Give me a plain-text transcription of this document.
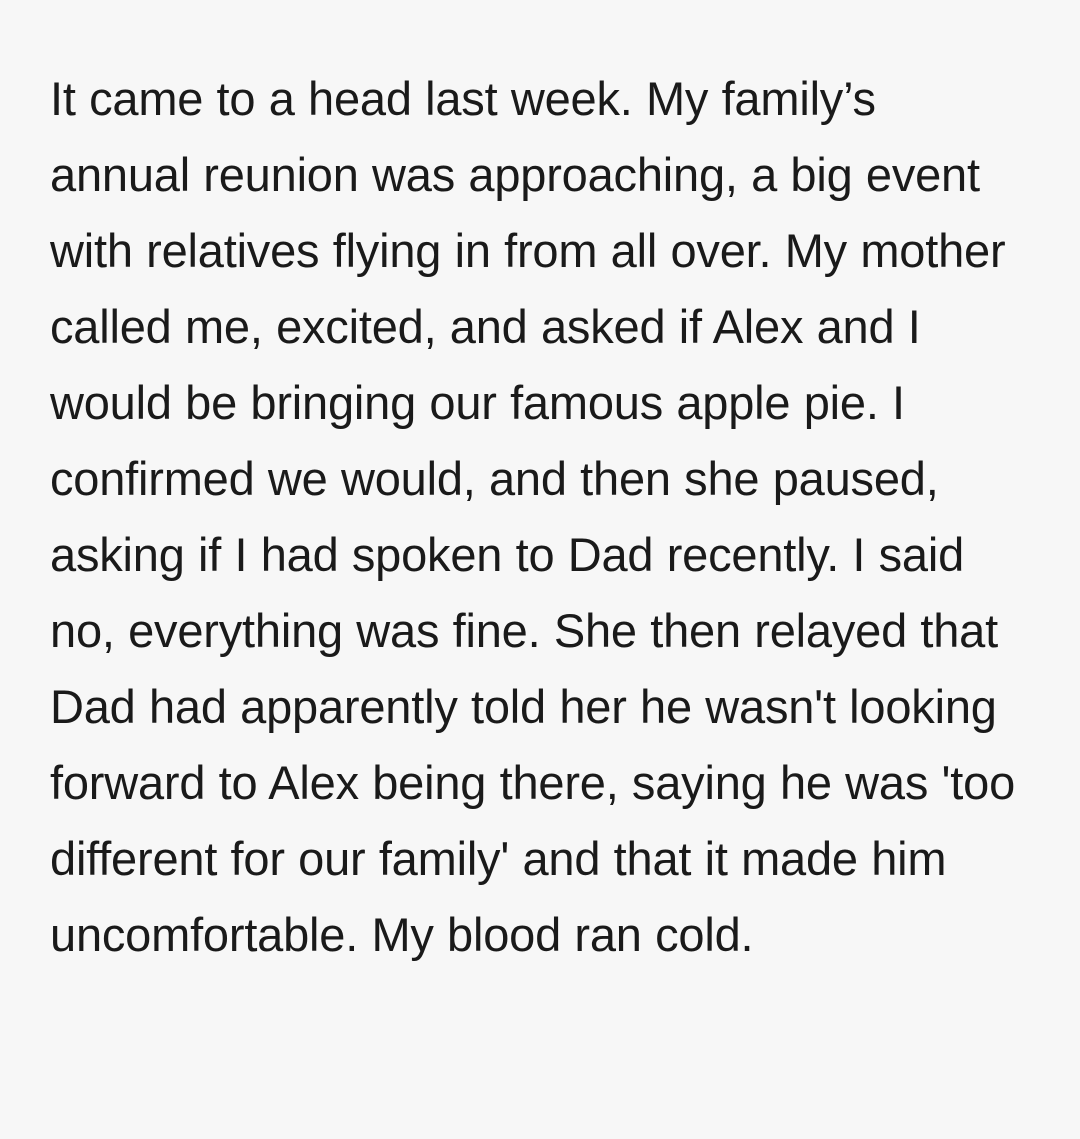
It came to a head last week. My family’s annual reunion was approaching, a big event with relatives flying in from all over. My mother called me, excited, and asked if Alex and I would be bringing our famous apple pie. I confirmed we would, and then she paused, asking if I had spoken to Dad recently. I said no, everything was fine. She then relayed that Dad had apparently told her he wasn't looking forward to Alex being there, saying he was 'too different for our family' and that it made him uncomfortable. My blood ran cold.
